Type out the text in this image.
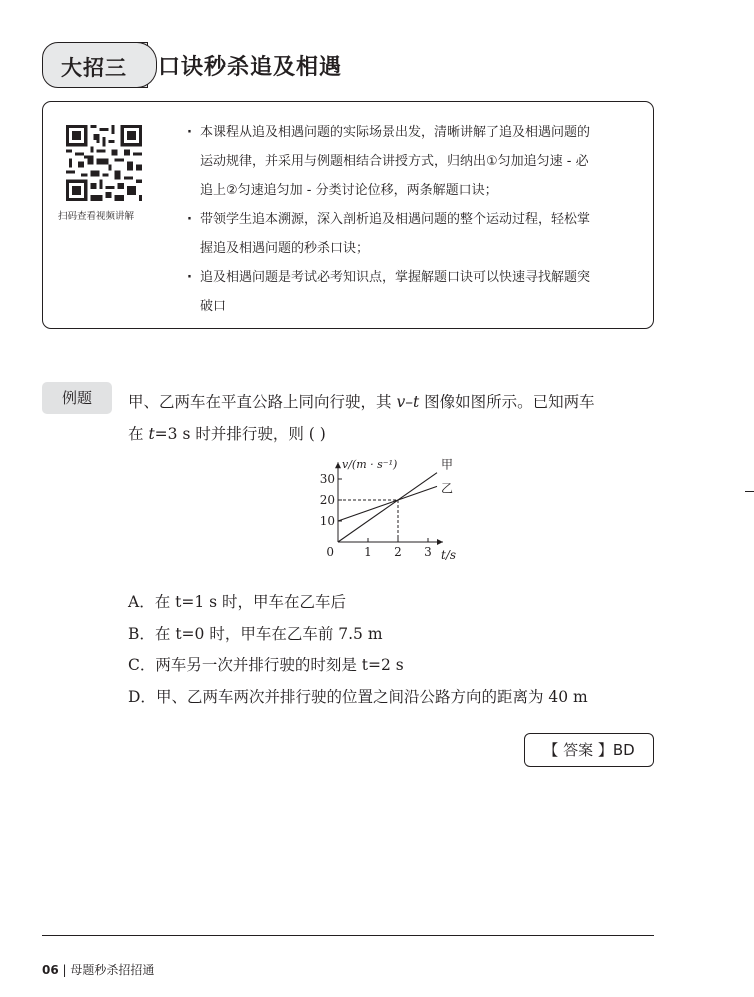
大招三 口诀秒杀追及相遇
扫码查看视频讲解
· 本课程从追及相遇问题的实际场景出发，清晰讲解了追及相遇问题的
运动规律，并采用与例题相结合讲授方式，归纳出①匀加追匀速 - 必
追上②匀速追匀加 - 分类讨论位移，两条解题口诀；
· 带领学生追本溯源，深入剖析追及相遇问题的整个运动过程，轻松掌
握追及相遇问题的秒杀口诀；
· 追及相遇问题是考试必考知识点，掌握解题口诀可以快速寻找解题突
破口
例题	甲、乙两车在平直公路上同向行驶，其 v–t 图像如图所示。已知两车
在 t=3 s 时并排行驶，则 ( )
1 2 3
10
20
30
0
甲
乙
v/(m · s⁻¹)
t/s
A．在 t=1 s 时，甲车在乙车后
B．在 t=0 时，甲车在乙车前 7.5 m
C．两车另一次并排行驶的时刻是 t=2 s
D．甲、乙两车两次并排行驶的位置之间沿公路方向的距离为 40 m
【 答案 】BD
06 | 母题秒杀招招通
